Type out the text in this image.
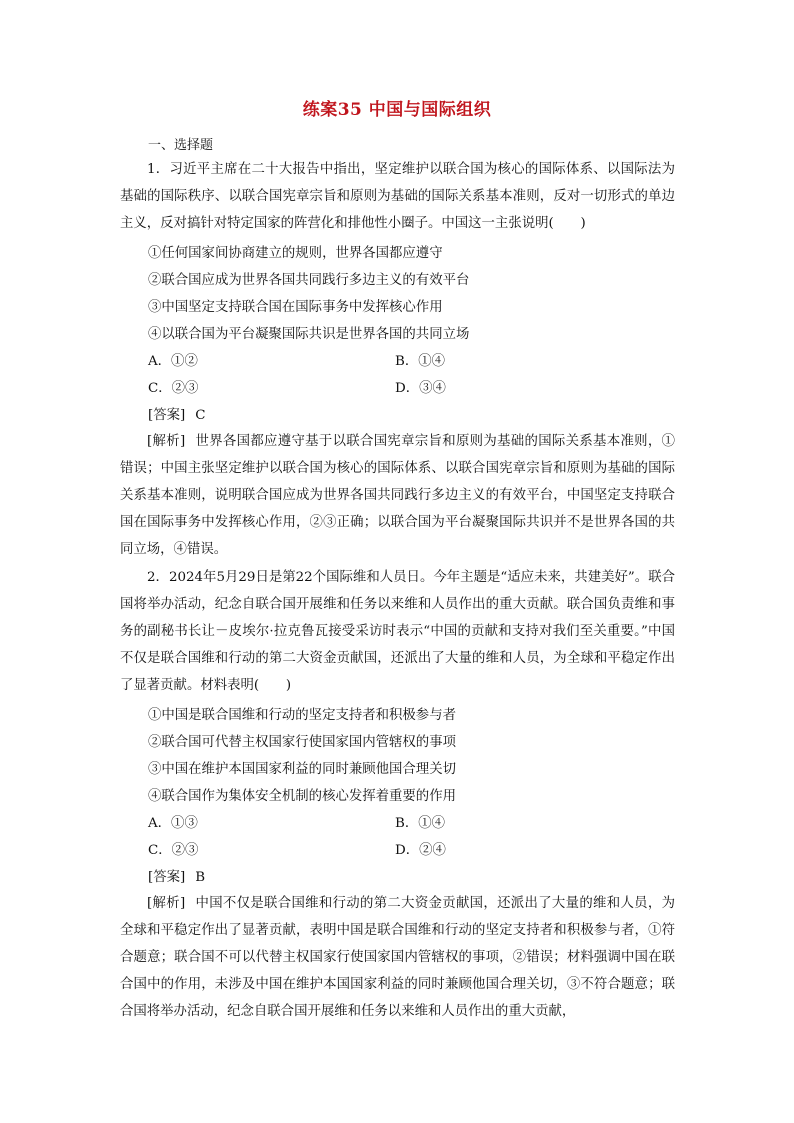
练案35 中国与国际组织
一、选择题
1．习近平主席在二十大报告中指出，坚定维护以联合国为核心的国际体系、以国际法为基础的国际秩序、以联合国宪章宗旨和原则为基础的国际关系基本准则，反对一切形式的单边主义，反对搞针对特定国家的阵营化和排他性小圈子。中国这一主张说明(　　)
①任何国家间协商建立的规则，世界各国都应遵守
②联合国应成为世界各国共同践行多边主义的有效平台
③中国坚定支持联合国在国际事务中发挥核心作用
④以联合国为平台凝聚国际共识是世界各国的共同立场
A．①②	B．①④
C．②③	D．③④
[答案] C
[解析] 世界各国都应遵守基于以联合国宪章宗旨和原则为基础的国际关系基本准则，①错误；中国主张坚定维护以联合国为核心的国际体系、以联合国宪章宗旨和原则为基础的国际关系基本准则，说明联合国应成为世界各国共同践行多边主义的有效平台，中国坚定支持联合国在国际事务中发挥核心作用，②③正确；以联合国为平台凝聚国际共识并不是世界各国的共同立场，④错误。
2．2024年5月29日是第22个国际维和人员日。今年主题是“适应未来，共建美好”。联合国将举办活动，纪念自联合国开展维和任务以来维和人员作出的重大贡献。联合国负责维和事务的副秘书长让－皮埃尔·拉克鲁瓦接受采访时表示“中国的贡献和支持对我们至关重要。”中国不仅是联合国维和行动的第二大资金贡献国，还派出了大量的维和人员，为全球和平稳定作出了显著贡献。材料表明(　　)
①中国是联合国维和行动的坚定支持者和积极参与者
②联合国可代替主权国家行使国家国内管辖权的事项
③中国在维护本国国家利益的同时兼顾他国合理关切
④联合国作为集体安全机制的核心发挥着重要的作用
A．①③	B．①④
C．②③	D．②④
[答案] B
[解析] 中国不仅是联合国维和行动的第二大资金贡献国，还派出了大量的维和人员，为全球和平稳定作出了显著贡献，表明中国是联合国维和行动的坚定支持者和积极参与者，①符合题意；联合国不可以代替主权国家行使国家国内管辖权的事项，②错误；材料强调中国在联合国中的作用，未涉及中国在维护本国国家利益的同时兼顾他国合理关切，③不符合题意；联合国将举办活动，纪念自联合国开展维和任务以来维和人员作出的重大贡献，
